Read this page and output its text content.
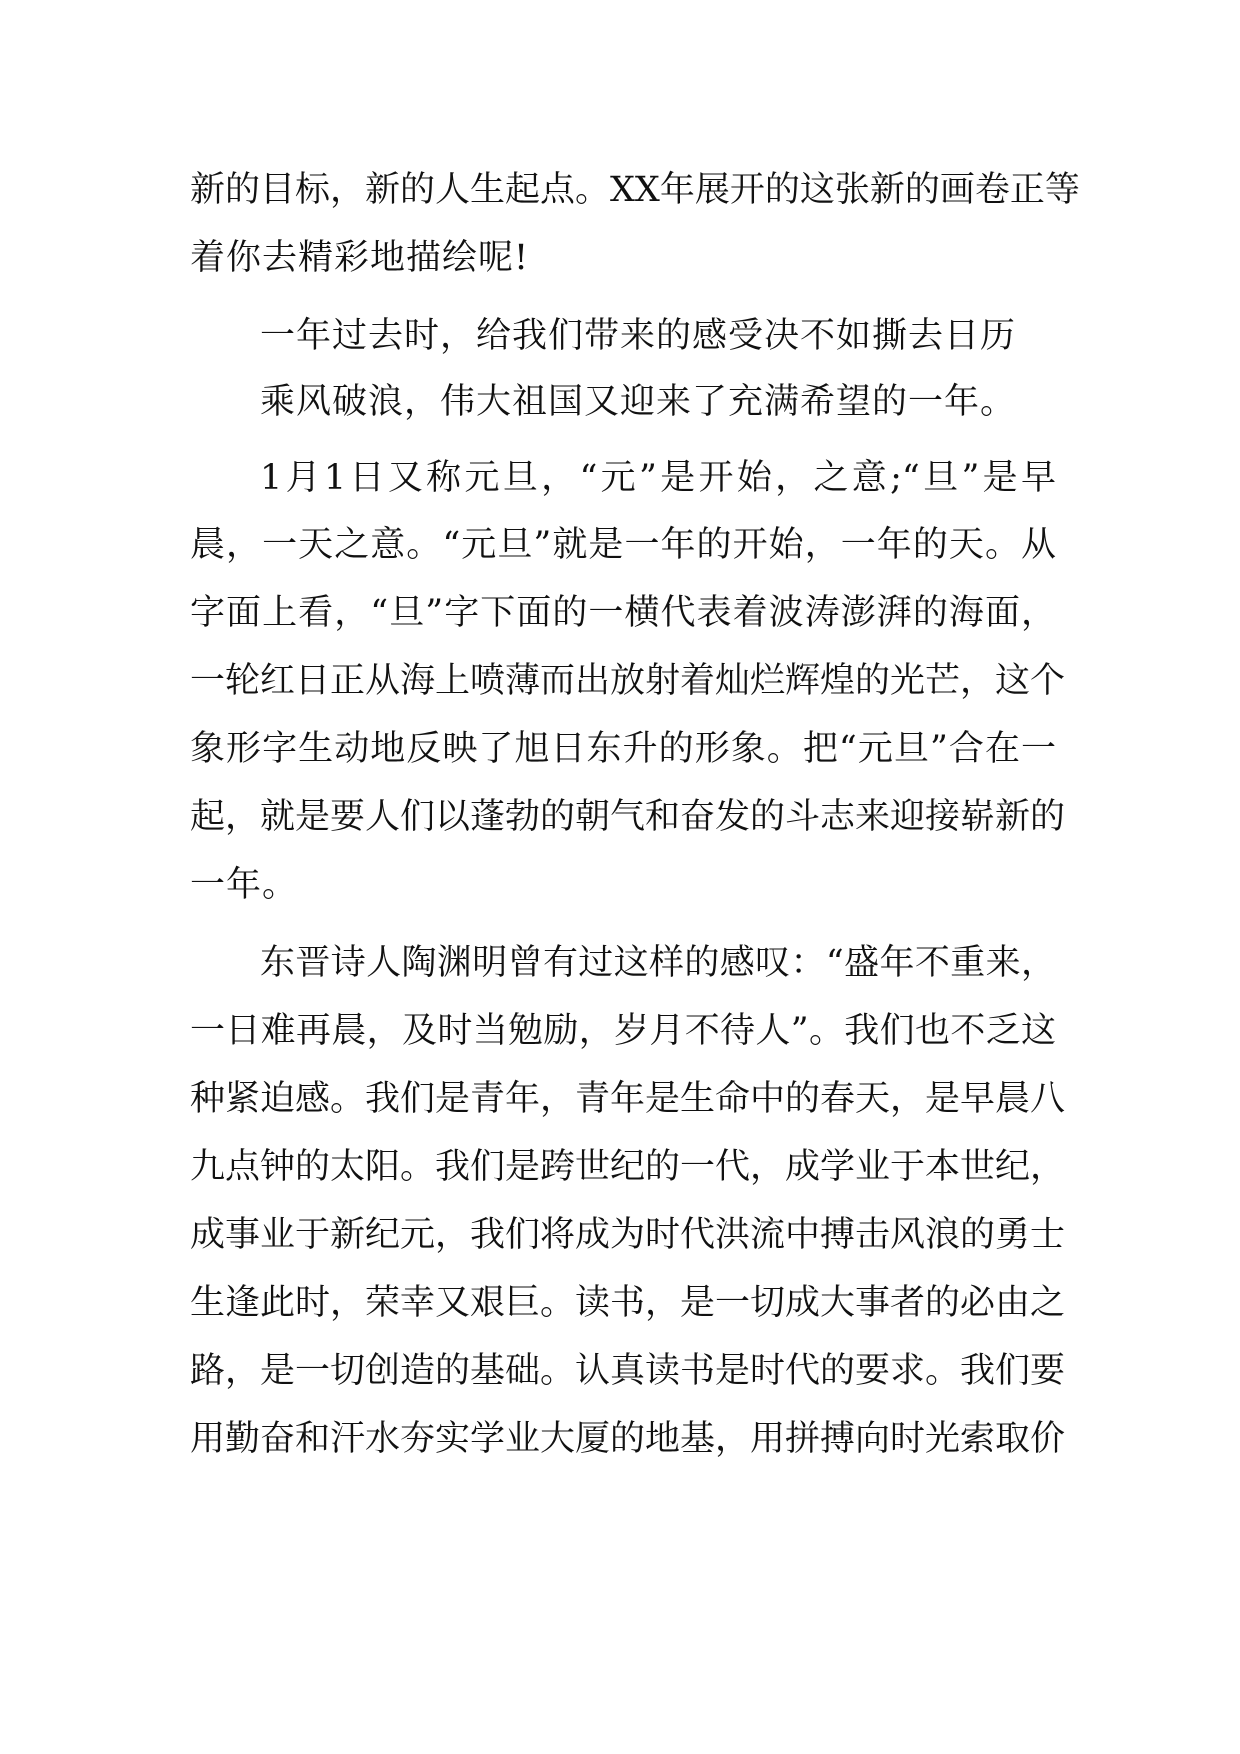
新的目标，新的人生起点。XX年展开的这张新的画卷正等
着你去精彩地描绘呢!
一年过去时，给我们带来的感受决不如撕去日历
乘风破浪，伟大祖国又迎来了充满希望的一年。
1月1日又称元旦，“元”是开始，之意;“旦”是早
晨，一天之意。“元旦”就是一年的开始，一年的天。从
字面上看，“旦”字下面的一横代表着波涛澎湃的海面，
一轮红日正从海上喷薄而出放射着灿烂辉煌的光芒，这个
象形字生动地反映了旭日东升的形象。把“元旦”合在一
起，就是要人们以蓬勃的朝气和奋发的斗志来迎接崭新的
一年。
东晋诗人陶渊明曾有过这样的感叹：“盛年不重来，
一日难再晨，及时当勉励，岁月不待人”。我们也不乏这
种紧迫感。我们是青年，青年是生命中的春天，是早晨八
九点钟的太阳。我们是跨世纪的一代，成学业于本世纪，
成事业于新纪元，我们将成为时代洪流中搏击风浪的勇士
生逢此时，荣幸又艰巨。读书，是一切成大事者的必由之
路，是一切创造的基础。认真读书是时代的要求。我们要
用勤奋和汗水夯实学业大厦的地基，用拼搏向时光索取价
